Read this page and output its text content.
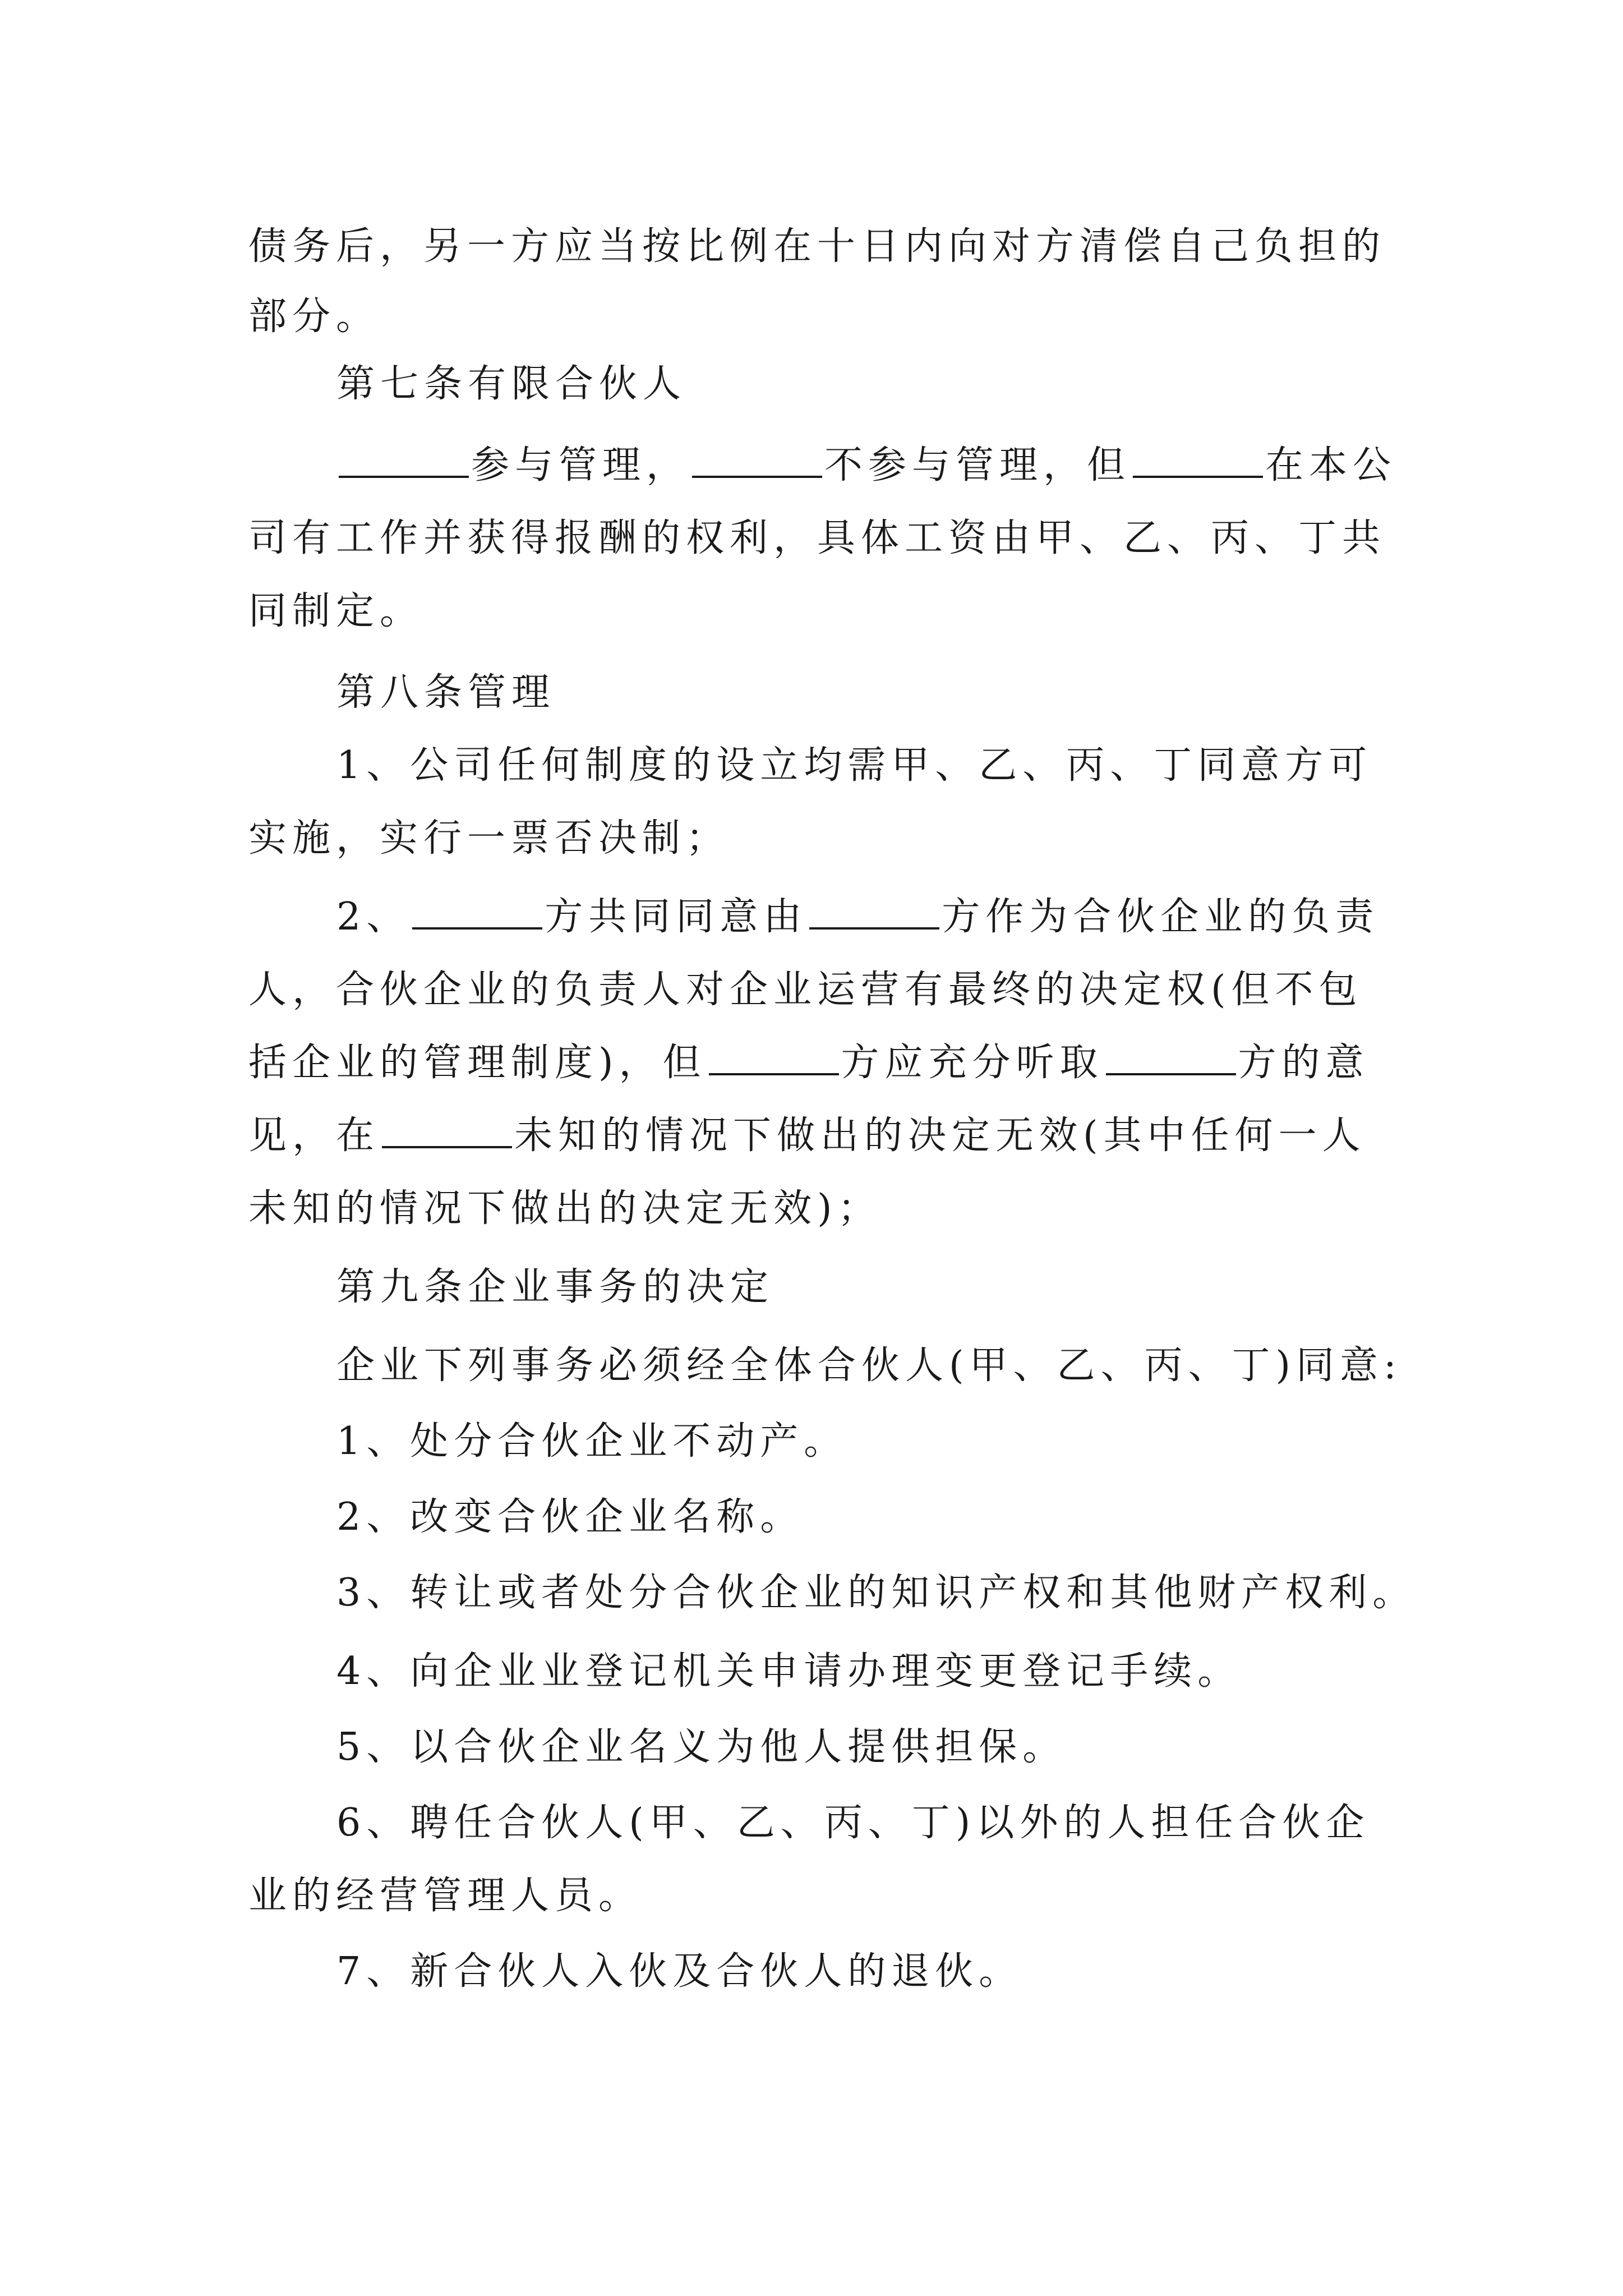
债务后，另一方应当按比例在十日内向对方清偿自己负担的
部分。
第七条有限合伙人
参与管理，	不参与管理，但	在本公
司有工作并获得报酬的权利，具体工资由甲、乙、丙、丁共
同制定。
第八条管理
1、公司任何制度的设立均需甲、乙、丙、丁同意方可
实施，实行一票否决制；
2、	方共同同意由	方作为合伙企业的负责
人，合伙企业的负责人对企业运营有最终的决定权(但不包
括企业的管理制度)，但	方应充分听取	方的意
见，在	未知的情况下做出的决定无效(其中任何一人
未知的情况下做出的决定无效)；
第九条企业事务的决定
企业下列事务必须经全体合伙人(甲、乙、丙、丁)同意:
1、处分合伙企业不动产。
2、改变合伙企业名称。
3、转让或者处分合伙企业的知识产权和其他财产权利。
4、向企业业登记机关申请办理变更登记手续。
5、以合伙企业名义为他人提供担保。
6、聘任合伙人(甲、乙、丙、丁)以外的人担任合伙企
业的经营管理人员。
7、新合伙人入伙及合伙人的退伙。
